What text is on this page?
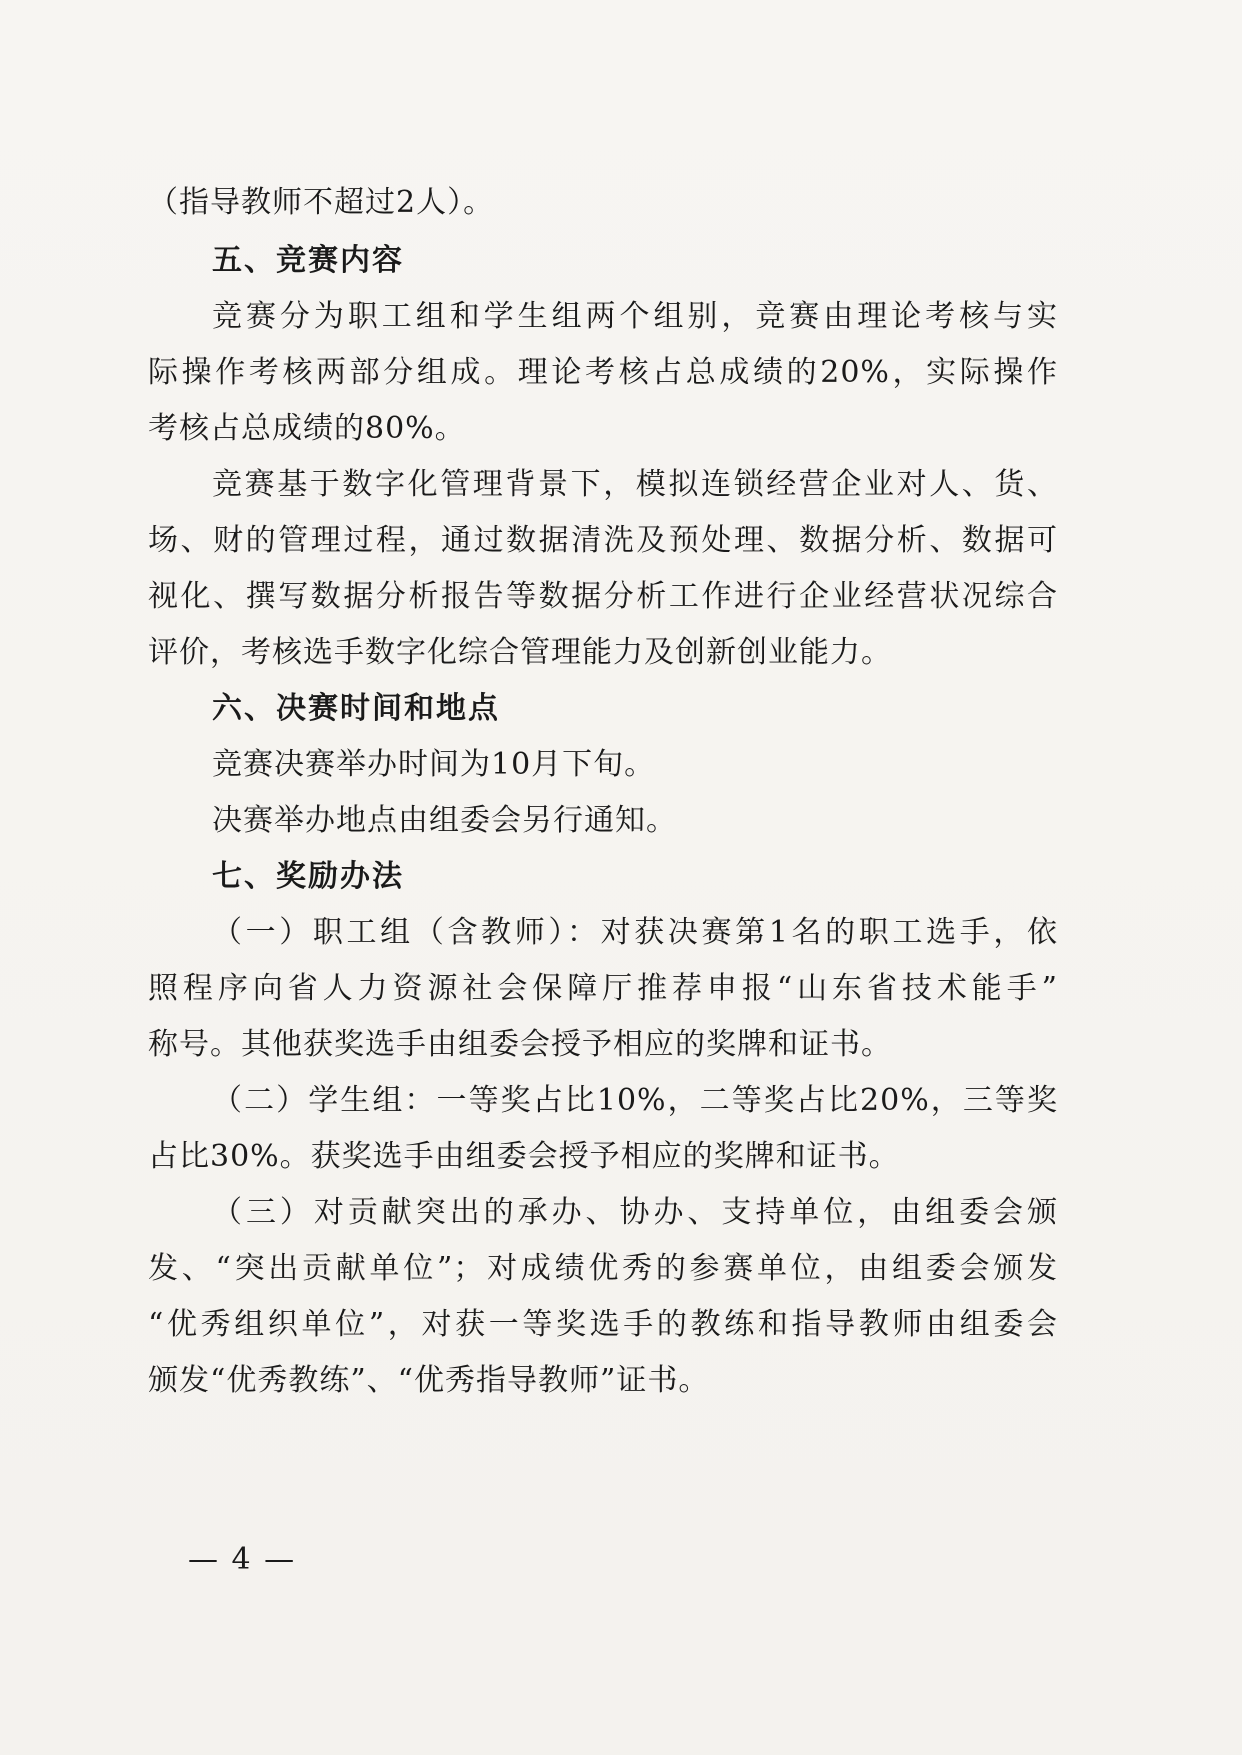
（指导教师不超过2人）。
五、竞赛内容
竞赛分为职工组和学生组两个组别，竞赛由理论考核与实
际操作考核两部分组成。理论考核占总成绩的20%，实际操作
考核占总成绩的80%。
竞赛基于数字化管理背景下，模拟连锁经营企业对人、货、
场、财的管理过程，通过数据清洗及预处理、数据分析、数据可
视化、撰写数据分析报告等数据分析工作进行企业经营状况综合
评价，考核选手数字化综合管理能力及创新创业能力。
六、决赛时间和地点
竞赛决赛举办时间为10月下旬。
决赛举办地点由组委会另行通知。
七、奖励办法
（一）职工组（含教师）：对获决赛第1名的职工选手，依
照程序向省人力资源社会保障厅推荐申报“山东省技术能手”
称号。其他获奖选手由组委会授予相应的奖牌和证书。
（二）学生组：一等奖占比10%，二等奖占比20%，三等奖
占比30%。获奖选手由组委会授予相应的奖牌和证书。
（三）对贡献突出的承办、协办、支持单位，由组委会颁
发、“突出贡献单位”；对成绩优秀的参赛单位，由组委会颁发
“优秀组织单位”，对获一等奖选手的教练和指导教师由组委会
颁发“优秀教练”、“优秀指导教师”证书。
— 4 —
